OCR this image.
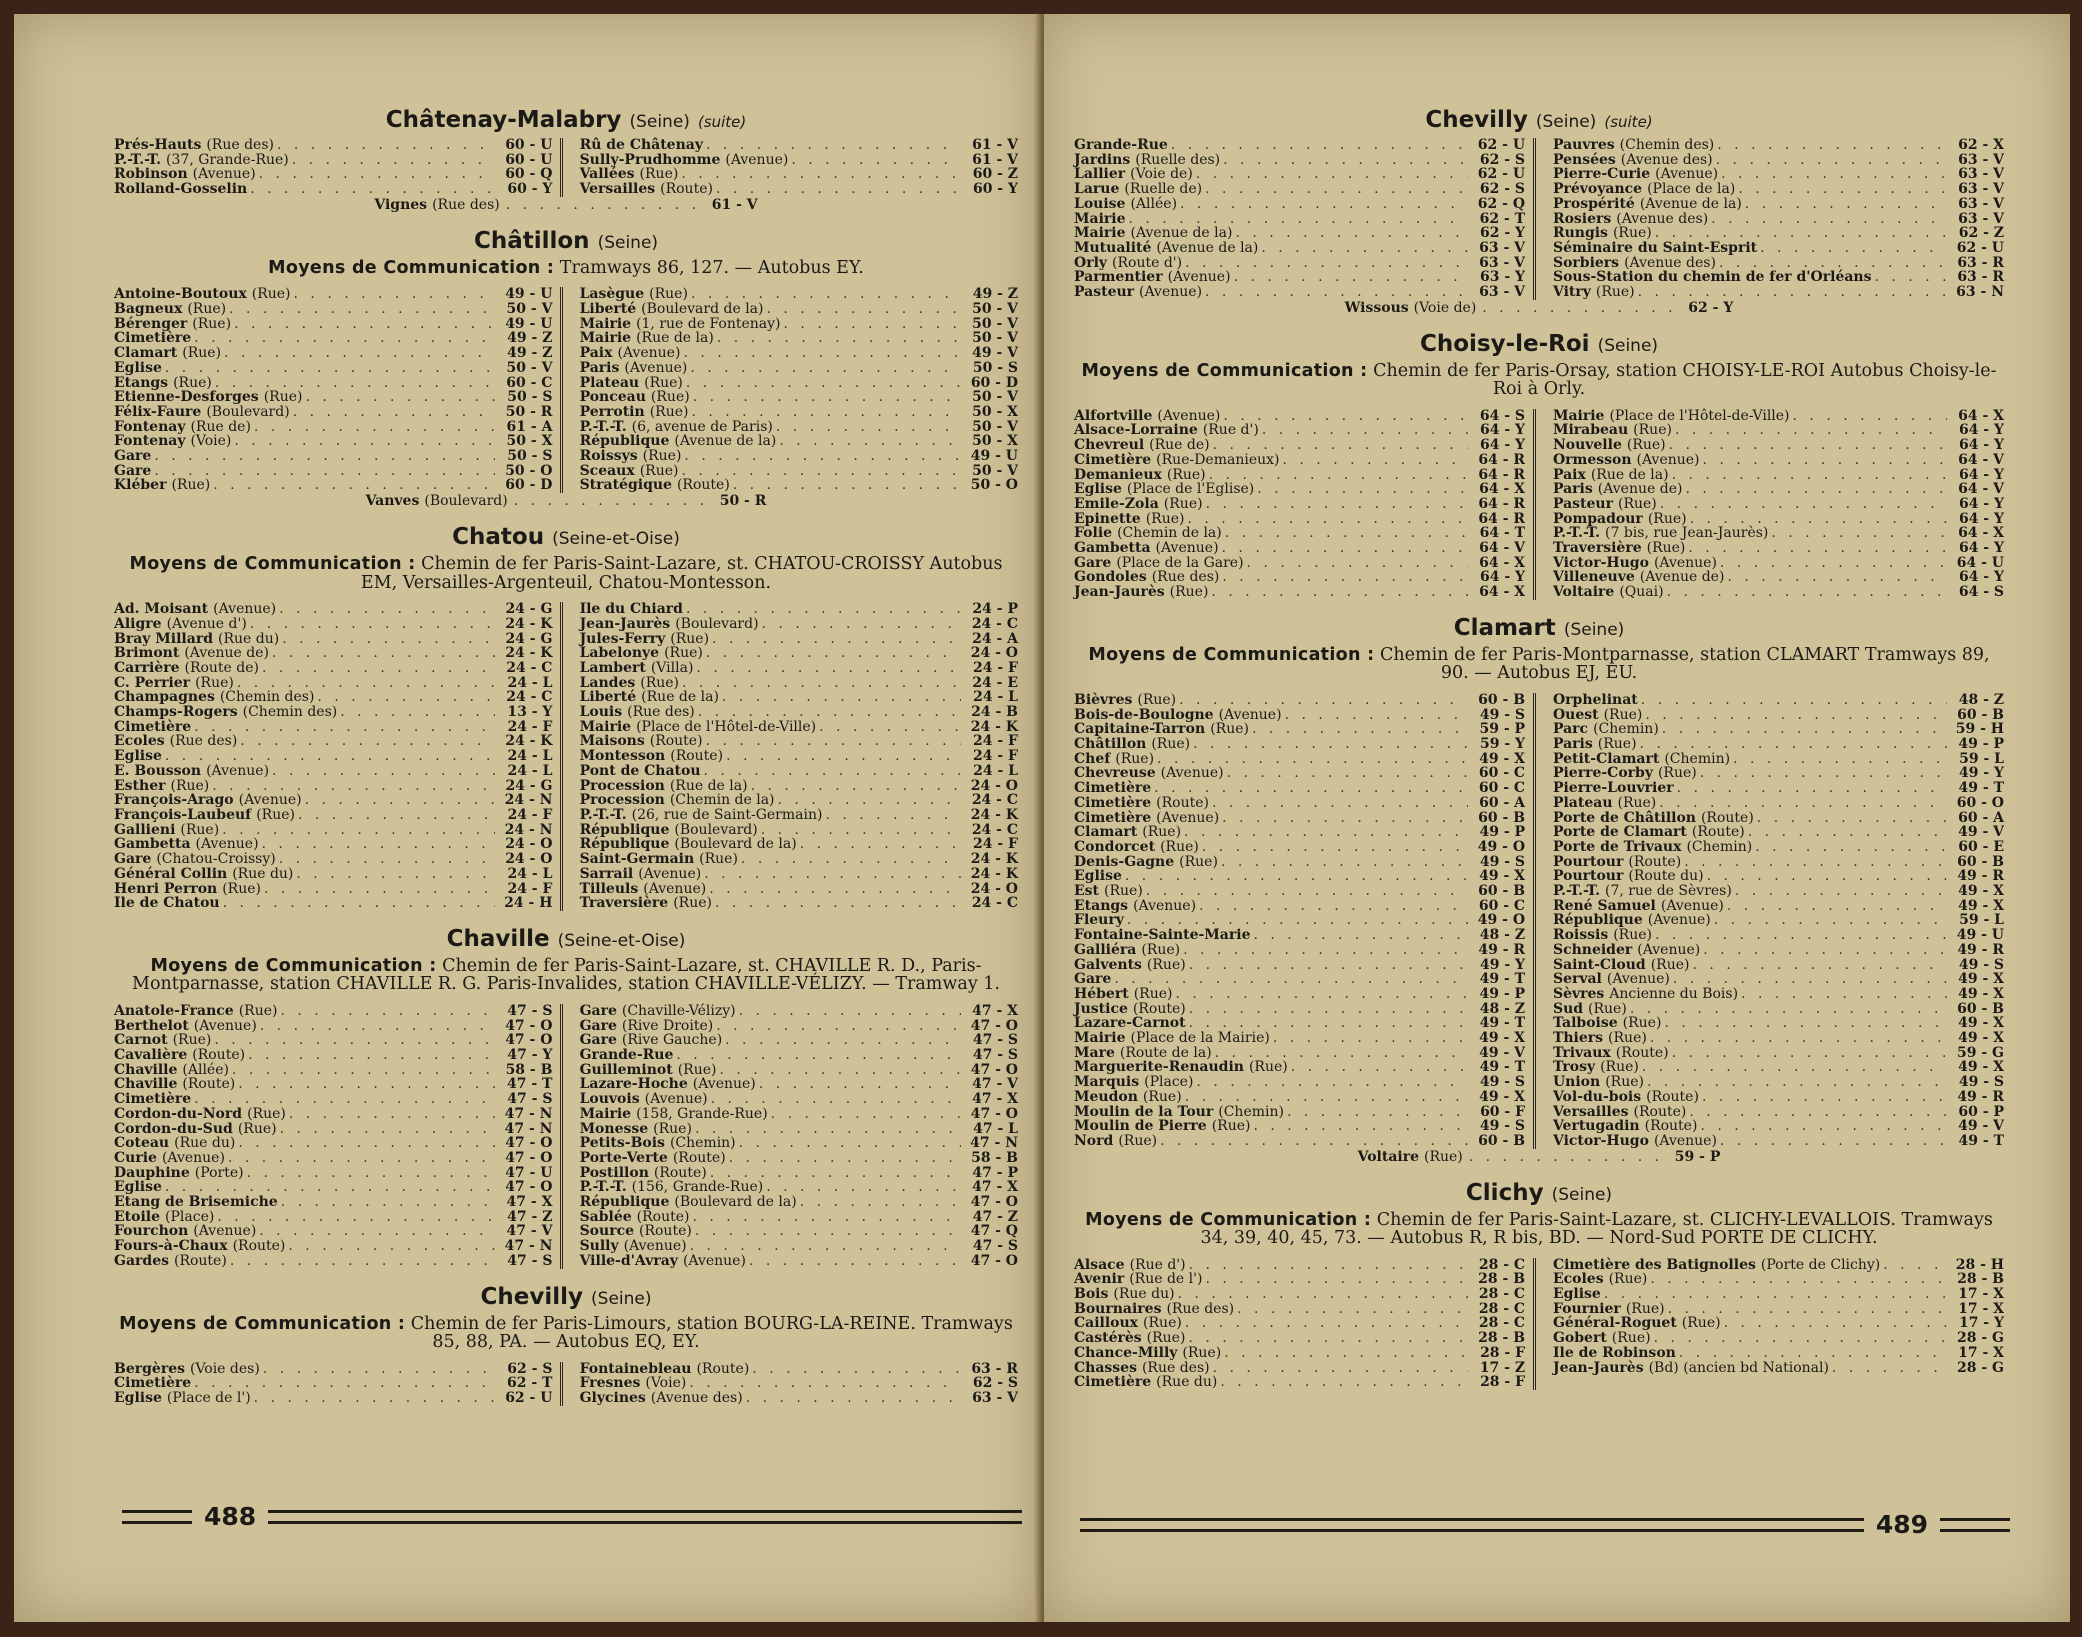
Châtenay-Malabry (Seine) (suite)
Prés-Hauts (Rue des) . . .	60 - U
P.-T.-T. (37, Grande-Rue) . . .	60 - U
Robinson (Avenue) . . .	60 - Q
Rolland-Gosselin . . .	60 - Y
Rû de Châtenay . . .	61 - V
Sully-Prudhomme (Avenue) . . .	61 - V
Vallées (Rue) . . .	60 - Z
Versailles (Route) . . .	60 - Y
Vignes (Rue des) . . .	61 - V
Châtillon (Seine)
Moyens de Communication : Tramways 86, 127. — Autobus EY.
Antoine-Boutoux (Rue) . . .	49 - U
Bagneux (Rue) . . .	50 - V
Bérenger (Rue) . . .	49 - U
Cimetière . . .	49 - Z
Clamart (Rue) . . .	49 - Z
Eglise . . .	50 - V
Etangs (Rue) . . .	60 - C
Etienne-Desforges (Rue) . . .	50 - S
Félix-Faure (Boulevard) . . .	50 - R
Fontenay (Rue de) . . .	61 - A
Fontenay (Voie) . . .	50 - X
Gare . . .	50 - S
Gare . . .	50 - O
Kléber (Rue) . . .	60 - D
Lasègue (Rue) . . .	49 - Z
Liberté (Boulevard de la) . . .	50 - V
Mairie (1, rue de Fontenay) . . .	50 - V
Mairie (Rue de la) . . .	50 - V
Paix (Avenue) . . .	49 - V
Paris (Avenue) . . .	50 - S
Plateau (Rue) . . .	60 - D
Ponceau (Rue) . . .	50 - V
Perrotin (Rue) . . .	50 - X
P.-T.-T. (6, avenue de Paris) . . .	50 - V
République (Avenue de la) . . .	50 - X
Roissys (Rue) . . .	49 - U
Sceaux (Rue) . . .	50 - V
Stratégique (Route) . . .	50 - O
Vanves (Boulevard) . . .	50 - R
Chatou (Seine-et-Oise)
Moyens de Communication : Chemin de fer Paris-Saint-Lazare, st. CHATOU-CROISSY Autobus EM, Versailles-Argenteuil, Chatou-Montesson.
Ad. Moisant (Avenue) . . .	24 - G
Aligre (Avenue d') . . .	24 - K
Bray Millard (Rue du) . . .	24 - G
Brimont (Avenue de) . . .	24 - K
Carrière (Route de) . . .	24 - C
C. Perrier (Rue) . . .	24 - L
Champagnes (Chemin des) . . .	24 - C
Champs-Rogers (Chemin des) . . .	13 - Y
Cimetière . . .	24 - F
Ecoles (Rue des) . . .	24 - K
Eglise . . .	24 - L
E. Bousson (Avenue) . . .	24 - L
Esther (Rue) . . .	24 - G
François-Arago (Avenue) . . .	24 - N
François-Laubeuf (Rue) . . .	24 - F
Gallieni (Rue) . . .	24 - N
Gambetta (Avenue) . . .	24 - O
Gare (Chatou-Croissy) . . .	24 - O
Général Collin (Rue du) . . .	24 - L
Henri Perron (Rue) . . .	24 - F
Ile de Chatou . . .	24 - H
Ile du Chiard . . .	24 - P
Jean-Jaurès (Boulevard) . . .	24 - C
Jules-Ferry (Rue) . . .	24 - A
Labelonye (Rue) . . .	24 - O
Lambert (Villa) . . .	24 - F
Landes (Rue) . . .	24 - E
Liberté (Rue de la) . . .	24 - L
Louis (Rue des) . . .	24 - B
Mairie (Place de l'Hôtel-de-Ville) . . .	24 - K
Maisons (Route) . . .	24 - F
Montesson (Route) . . .	24 - F
Pont de Chatou . . .	24 - L
Procession (Rue de la) . . .	24 - O
Procession (Chemin de la) . . .	24 - C
P.-T.-T. (26, rue de Saint-Germain) . . .	24 - K
République (Boulevard) . . .	24 - C
République (Boulevard de la) . . .	24 - F
Saint-Germain (Rue) . . .	24 - K
Sarrail (Avenue) . . .	24 - K
Tilleuls (Avenue) . . .	24 - O
Traversière (Rue) . . .	24 - C
Chaville (Seine-et-Oise)
Moyens de Communication : Chemin de fer Paris-Saint-Lazare, st. CHAVILLE R. D., Paris-Montparnasse, station CHAVILLE R. G. Paris-Invalides, station CHAVILLE-VÉLIZY. — Tramway 1.
Anatole-France (Rue) . . .	47 - S
Berthelot (Avenue) . . .	47 - O
Carnot (Rue) . . .	47 - O
Cavalière (Route) . . .	47 - Y
Chaville (Allée) . . .	58 - B
Chaville (Route) . . .	47 - T
Cimetière . . .	47 - S
Cordon-du-Nord (Rue) . . .	47 - N
Cordon-du-Sud (Rue) . . .	47 - N
Coteau (Rue du) . . .	47 - O
Curie (Avenue) . . .	47 - O
Dauphine (Porte) . . .	47 - U
Eglise . . .	47 - O
Etang de Brisemiche . . .	47 - X
Etoile (Place) . . .	47 - Z
Fourchon (Avenue) . . .	47 - V
Fours-à-Chaux (Route) . . .	47 - N
Gardes (Route) . . .	47 - S
Gare (Chaville-Vélizy) . . .	47 - X
Gare (Rive Droite) . . .	47 - O
Gare (Rive Gauche) . . .	47 - S
Grande-Rue . . .	47 - S
Guilleminot (Rue) . . .	47 - O
Lazare-Hoche (Avenue) . . .	47 - V
Louvois (Avenue) . . .	47 - X
Mairie (158, Grande-Rue) . . .	47 - O
Monesse (Rue) . . .	47 - L
Petits-Bois (Chemin) . . .	47 - N
Porte-Verte (Route) . . .	58 - B
Postillon (Route) . . .	47 - P
P.-T.-T. (156, Grande-Rue) . . .	47 - X
République (Boulevard de la) . . .	47 - O
Sablée (Route) . . .	47 - Z
Source (Route) . . .	47 - Q
Sully (Avenue) . . .	47 - S
Ville-d'Avray (Avenue) . . .	47 - O
Chevilly (Seine)
Moyens de Communication : Chemin de fer Paris-Limours, station BOURG-LA-REINE. Tramways 85, 88, PA. — Autobus EQ, EY.
Bergères (Voie des) . . .	62 - S
Cimetière . . .	62 - T
Eglise (Place de l') . . .	62 - U
Fontainebleau (Route) . . .	63 - R
Fresnes (Voie) . . .	62 - S
Glycines (Avenue des) . . .	63 - V
488
Chevilly (Seine) (suite)
Grande-Rue . . .	62 - U
Jardins (Ruelle des) . . .	62 - S
Lallier (Voie de) . . .	62 - U
Larue (Ruelle de) . . .	62 - S
Louise (Allée) . . .	62 - Q
Mairie . . .	62 - T
Mairie (Avenue de la) . . .	62 - Y
Mutualité (Avenue de la) . . .	63 - V
Orly (Route d') . . .	63 - V
Parmentier (Avenue) . . .	63 - Y
Pasteur (Avenue) . . .	63 - V
Pauvres (Chemin des) . . .	62 - X
Pensées (Avenue des) . . .	63 - V
Pierre-Curie (Avenue) . . .	63 - V
Prévoyance (Place de la) . . .	63 - V
Prospérité (Avenue de la) . . .	63 - V
Rosiers (Avenue des) . . .	63 - V
Rungis (Rue) . . .	62 - Z
Séminaire du Saint-Esprit . . .	62 - U
Sorbiers (Avenue des) . . .	63 - R
Sous-Station du chemin de fer d'Orléans . . .	63 - R
Vitry (Rue) . . .	63 - N
Wissous (Voie de) . . .	62 - Y
Choisy-le-Roi (Seine)
Moyens de Communication : Chemin de fer Paris-Orsay, station CHOISY-LE-ROI Autobus Choisy-le-Roi à Orly.
Alfortville (Avenue) . . .	64 - S
Alsace-Lorraine (Rue d') . . .	64 - Y
Chevreul (Rue de) . . .	64 - Y
Cimetière (Rue-Demanieux) . . .	64 - R
Demanieux (Rue) . . .	64 - R
Eglise (Place de l'Eglise) . . .	64 - X
Emile-Zola (Rue) . . .	64 - R
Epinette (Rue) . . .	64 - R
Folie (Chemin de la) . . .	64 - T
Gambetta (Avenue) . . .	64 - V
Gare (Place de la Gare) . . .	64 - X
Gondoles (Rue des) . . .	64 - Y
Jean-Jaurès (Rue) . . .	64 - X
Mairie (Place de l'Hôtel-de-Ville) . . .	64 - X
Mirabeau (Rue) . . .	64 - Y
Nouvelle (Rue) . . .	64 - Y
Ormesson (Avenue) . . .	64 - V
Paix (Rue de la) . . .	64 - Y
Paris (Avenue de) . . .	64 - V
Pasteur (Rue) . . .	64 - Y
Pompadour (Rue) . . .	64 - Y
P.-T.-T. (7 bis, rue Jean-Jaurès) . . .	64 - X
Traversière (Rue) . . .	64 - Y
Victor-Hugo (Avenue) . . .	64 - U
Villeneuve (Avenue de) . . .	64 - Y
Voltaire (Quai) . . .	64 - S
Clamart (Seine)
Moyens de Communication : Chemin de fer Paris-Montparnasse, station CLAMART Tramways 89, 90. — Autobus EJ, EU.
Bièvres (Rue) . . .	60 - B
Bois-de-Boulogne (Avenue) . . .	49 - S
Capitaine-Tarron (Rue) . . .	59 - P
Châtillon (Rue) . . .	59 - Y
Chef (Rue) . . .	49 - X
Chevreuse (Avenue) . . .	60 - C
Cimetière . . .	60 - C
Cimetière (Route) . . .	60 - A
Cimetière (Avenue) . . .	60 - B
Clamart (Rue) . . .	49 - P
Condorcet (Rue) . . .	49 - O
Denis-Gagne (Rue) . . .	49 - S
Eglise . . .	49 - X
Est (Rue) . . .	60 - B
Etangs (Avenue) . . .	60 - C
Fleury . . .	49 - O
Fontaine-Sainte-Marie . . .	48 - Z
Galliéra (Rue) . . .	49 - R
Galvents (Rue) . . .	49 - Y
Gare . . .	49 - T
Hébert (Rue) . . .	49 - P
Justice (Route) . . .	48 - Z
Lazare-Carnot . . .	49 - T
Mairie (Place de la Mairie) . . .	49 - X
Mare (Route de la) . . .	49 - V
Marguerite-Renaudin (Rue) . . .	49 - T
Marquis (Place) . . .	49 - S
Meudon (Rue) . . .	49 - X
Moulin de la Tour (Chemin) . . .	60 - F
Moulin de Pierre (Rue) . . .	49 - S
Nord (Rue) . . .	60 - B
Orphelinat . . .	48 - Z
Ouest (Rue) . . .	60 - B
Parc (Chemin) . . .	59 - H
Paris (Rue) . . .	49 - P
Petit-Clamart (Chemin) . . .	59 - L
Pierre-Corby (Rue) . . .	49 - Y
Pierre-Louvrier . . .	49 - T
Plateau (Rue) . . .	60 - O
Porte de Châtillon (Route) . . .	60 - A
Porte de Clamart (Route) . . .	49 - V
Porte de Trivaux (Chemin) . . .	60 - E
Pourtour (Route) . . .	60 - B
Pourtour (Route du) . . .	49 - R
P.-T.-T. (7, rue de Sèvres) . . .	49 - X
René Samuel (Avenue) . . .	49 - X
République (Avenue) . . .	59 - L
Roissis (Rue) . . .	49 - U
Schneider (Avenue) . . .	49 - R
Saint-Cloud (Rue) . . .	49 - S
Serval (Avenue) . . .	49 - X
Sèvres Ancienne du Bois) . . .	49 - X
Sud (Rue) . . .	60 - B
Talboise (Rue) . . .	49 - X
Thiers (Rue) . . .	49 - X
Trivaux (Route) . . .	59 - G
Trosy (Rue) . . .	49 - X
Union (Rue) . . .	49 - S
Vol-du-bois (Route) . . .	49 - R
Versailles (Route) . . .	60 - P
Vertugadin (Route) . . .	49 - V
Victor-Hugo (Avenue) . . .	49 - T
Voltaire (Rue) . . .	59 - P
Clichy (Seine)
Moyens de Communication : Chemin de fer Paris-Saint-Lazare, st. CLICHY-LEVALLOIS. Tramways 34, 39, 40, 45, 73. — Autobus R, R bis, BD. — Nord-Sud PORTE DE CLICHY.
Alsace (Rue d') . . .	28 - C
Avenir (Rue de l') . . .	28 - B
Bois (Rue du) . . .	28 - C
Bournaires (Rue des) . . .	28 - C
Cailloux (Rue) . . .	28 - C
Castérès (Rue) . . .	28 - B
Chance-Milly (Rue) . . .	28 - F
Chasses (Rue des) . . .	17 - Z
Cimetière (Rue du) . . .	28 - F
Cimetière des Batignolles (Porte de Clichy) . . .	28 - H
Ecoles (Rue) . . .	28 - B
Eglise . . .	17 - X
Fournier (Rue) . . .	17 - X
Général-Roguet (Rue) . . .	17 - Y
Gobert (Rue) . . .	28 - G
Ile de Robinson . . .	17 - X
Jean-Jaurès (Bd) (ancien bd National) . . .	28 - G
489
